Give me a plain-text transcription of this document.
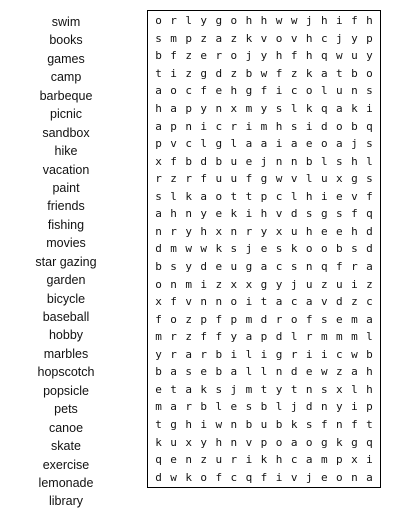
swim
books
games
camp
barbeque
picnic
sandbox
hike
vacation
paint
friends
fishing
movies
star gazing
garden
bicycle
baseball
hobby
marbles
hopscotch
popsicle
pets
canoe
skate
exercise
lemonade
library
o r l y g o h h w w j h i f h
s m p z a z k v o v h c j y p
b f z e r o j y h f h q w u y
t i z g d z b w f z k a t b o
a o c f e h g f i c o l u n s
h a p y n x m y s l k q a k i
a p n i c r i m h s i d o b q
p v c l g l a a i a e o a j s
x f b d b u e j n n b l s h l
r z r f u u f g w v l u x g s
s l k a o t t p c l h i e v f
a h n y e k i h v d s g s f q
n r y h x n r y x u h e e h d
d m w w k s j e s k o o b s d
b s y d e u g a c s n q f r a
o n m i z x x g y j u z u i z
x f v n n o i t a c a v d z c
f o z p f p m d r o f s e m a
m r z f f y a p d l r m m m l
y r a r b i l i g r i i c w b
b a s e b a l l n d e w z a h
e t a k s j m t y t n s x l h
m a r b l e s b l j d n y i p
t g h i w n b u b k s f n f t
k u x y h n v p o a o g k g q
q e n z u r i k h c a m p x i
d w k o f c q f i v j e o n a
